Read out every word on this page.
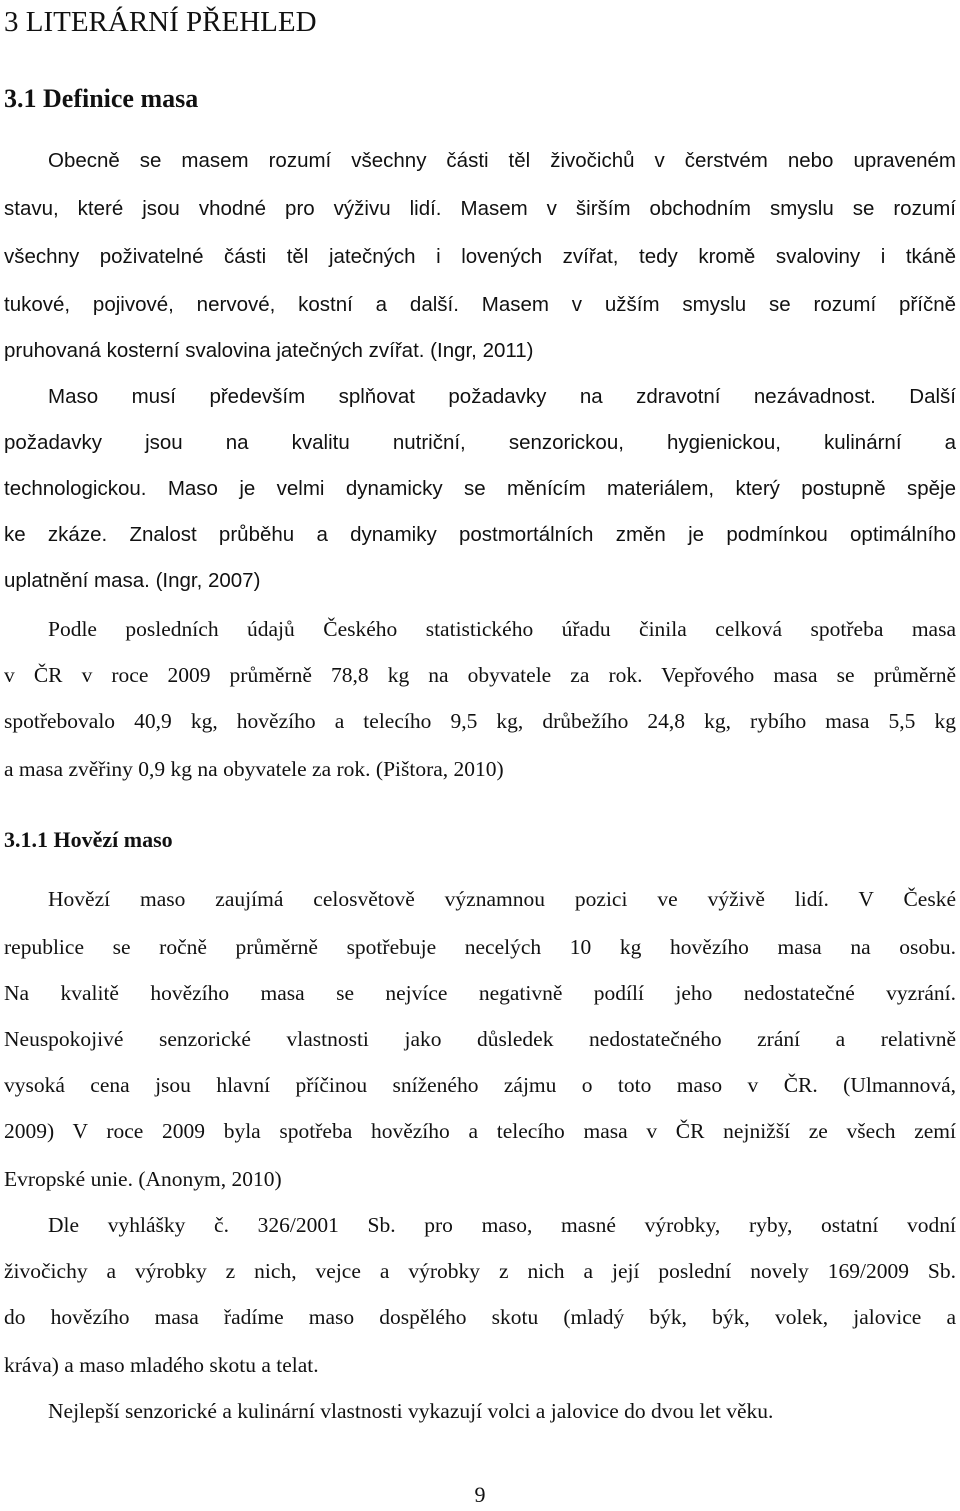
3 LITERÁRNÍ PŘEHLED
3.1 Definice masa
Obecně se masem rozumí všechny části těl živočichů v čerstvém nebo upraveném
stavu, které jsou vhodné pro výživu lidí. Masem v širším obchodním smyslu se rozumí
všechny poživatelné části těl jatečných i lovených zvířat, tedy kromě svaloviny i tkáně
tukové, pojivové, nervové, kostní a další. Masem v užším smyslu se rozumí příčně
pruhovaná kosterní svalovina jatečných zvířat. (Ingr, 2011)
Maso musí především splňovat požadavky na zdravotní nezávadnost. Další
požadavky jsou na kvalitu nutriční, senzorickou, hygienickou, kulinární a
technologickou. Maso je velmi dynamicky se měnícím materiálem, který postupně spěje
ke zkáze. Znalost průběhu a dynamiky postmortálních změn je podmínkou optimálního
uplatnění masa. (Ingr, 2007)
Podle posledních údajů Českého statistického úřadu činila celková spotřeba masa
v ČR v roce 2009 průměrně 78,8 kg na obyvatele za rok. Vepřového masa se průměrně
spotřebovalo 40,9 kg, hovězího a telecího 9,5 kg, drůbežího 24,8 kg, rybího masa 5,5 kg
a masa zvěřiny 0,9 kg na obyvatele za rok. (Pištora, 2010)
3.1.1 Hovězí maso
Hovězí maso zaujímá celosvětově významnou pozici ve výživě lidí. V České
republice se ročně průměrně spotřebuje necelých 10 kg hovězího masa na osobu.
Na kvalitě hovězího masa se nejvíce negativně podílí jeho nedostatečné vyzrání.
Neuspokojivé senzorické vlastnosti jako důsledek nedostatečného zrání a relativně
vysoká cena jsou hlavní příčinou sníženého zájmu o toto maso v ČR. (Ulmannová,
2009) V roce 2009 byla spotřeba hovězího a telecího masa v ČR nejnižší ze všech zemí
Evropské unie. (Anonym, 2010)
Dle vyhlášky č. 326/2001 Sb. pro maso, masné výrobky, ryby, ostatní vodní
živočichy a výrobky z nich, vejce a výrobky z nich a její poslední novely 169/2009 Sb.
do hovězího masa řadíme maso dospělého skotu (mladý býk, býk, volek, jalovice a
kráva) a maso mladého skotu a telat.
Nejlepší senzorické a kulinární vlastnosti vykazují volci a jalovice do dvou let věku.
9
